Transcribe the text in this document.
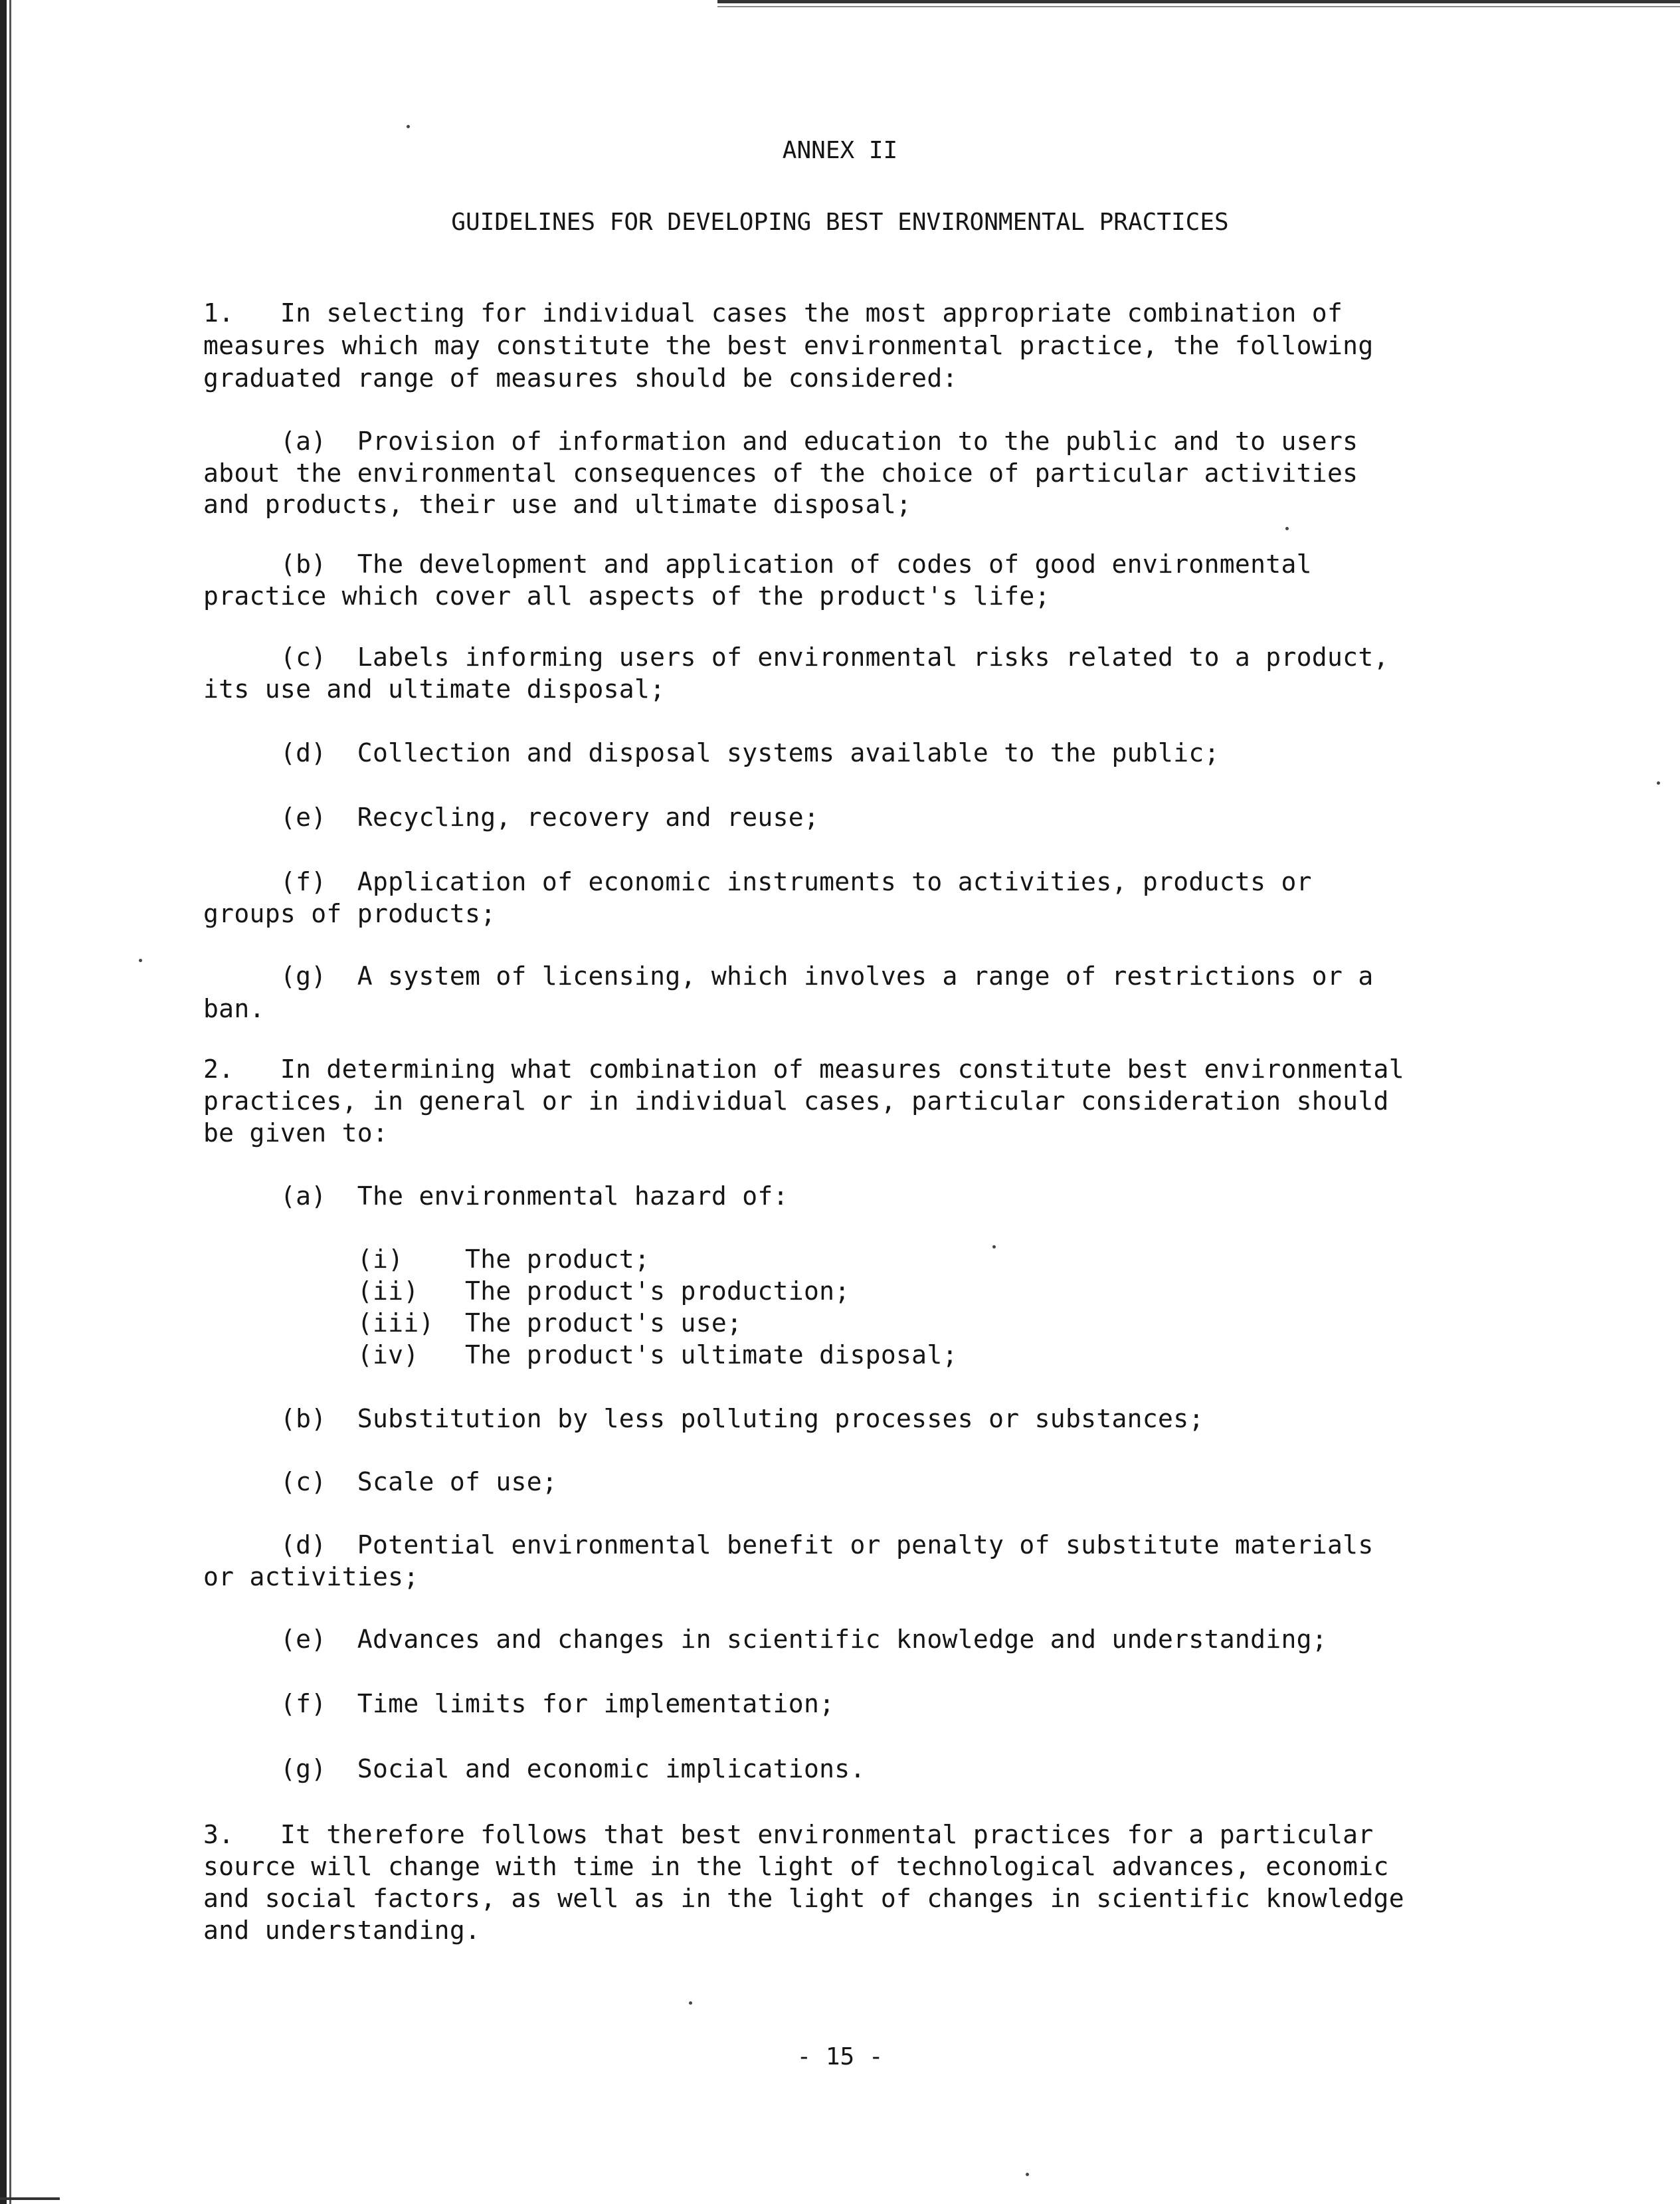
ANNEX II
GUIDELINES FOR DEVELOPING BEST ENVIRONMENTAL PRACTICES
1.   In selecting for individual cases the most appropriate combination of
measures which may constitute the best environmental practice, the following
graduated range of measures should be considered:
(a)  Provision of information and education to the public and to users
about the environmental consequences of the choice of particular activities
and products, their use and ultimate disposal;
(b)  The development and application of codes of good environmental
practice which cover all aspects of the product's life;
(c)  Labels informing users of environmental risks related to a product,
its use and ultimate disposal;
(d)  Collection and disposal systems available to the public;
(e)  Recycling, recovery and reuse;
(f)  Application of economic instruments to activities, products or
groups of products;
(g)  A system of licensing, which involves a range of restrictions or a
ban.
2.   In determining what combination of measures constitute best environmental
practices, in general or in individual cases, particular consideration should
be given to:
(a)  The environmental hazard of:
(i)    The product;
(ii)   The product's production;
(iii)  The product's use;
(iv)   The product's ultimate disposal;
(b)  Substitution by less polluting processes or substances;
(c)  Scale of use;
(d)  Potential environmental benefit or penalty of substitute materials
or activities;
(e)  Advances and changes in scientific knowledge and understanding;
(f)  Time limits for implementation;
(g)  Social and economic implications.
3.   It therefore follows that best environmental practices for a particular
source will change with time in the light of technological advances, economic
and social factors, as well as in the light of changes in scientific knowledge
and understanding.
- 15 -
